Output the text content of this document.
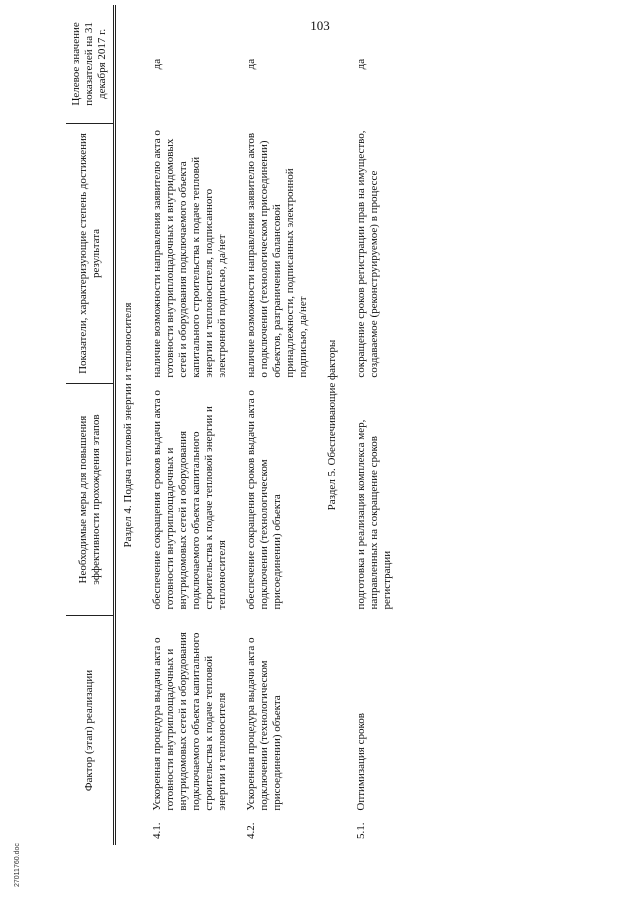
103
27011760.doc
Фактор (этап) реализации		Необходимые меры для повышения эффективности прохождения этапов	Показатели, характеризующие степень достижения результата	Целевое значение показателей на 31 декабря 2017 г.
Раздел 4. Подача тепловой энергии и теплоносителя				
4.1.	Ускоренная процедура выдачи акта о готовности внутриплощадочных и внутридомовых сетей и оборудования подключаемого объекта капитального строительства к подаче тепловой энергии и теплоносителя	обеспечение сокращения сроков выдачи акта о готовности внутриплощадочных и внутридомовых сетей и оборудования подключаемого объекта капитального строительства к подаче тепловой энергии и теплоносителя	наличие возможности направления заявителю акта о готовности внутриплощадочных и внутридомовых сетей и оборудования подключаемого объекта капитального строительства к подаче тепловой энергии и теплоносителя, подписанного электронной подписью, да/нет	да
4.2.	Ускоренная процедура выдачи акта о подключении (технологическом присоединении) объекта	обеспечение сокращения сроков выдачи акта о подключении (технологическом присоединении) объекта	наличие возможности направления заявителю актов о подключении (технологическом присоединении) объектов, разграничении балансовой принадлежности, подписанных электронной подписью, да/нет	да
Раздел 5. Обеспечивающие факторы				
5.1.	Оптимизация сроков	подготовка и реализация комплекса мер, направленных на сокращение сроков регистрации	сокращение сроков регистрации прав на имущество, создаваемое (реконструируемое) в процессе	да
